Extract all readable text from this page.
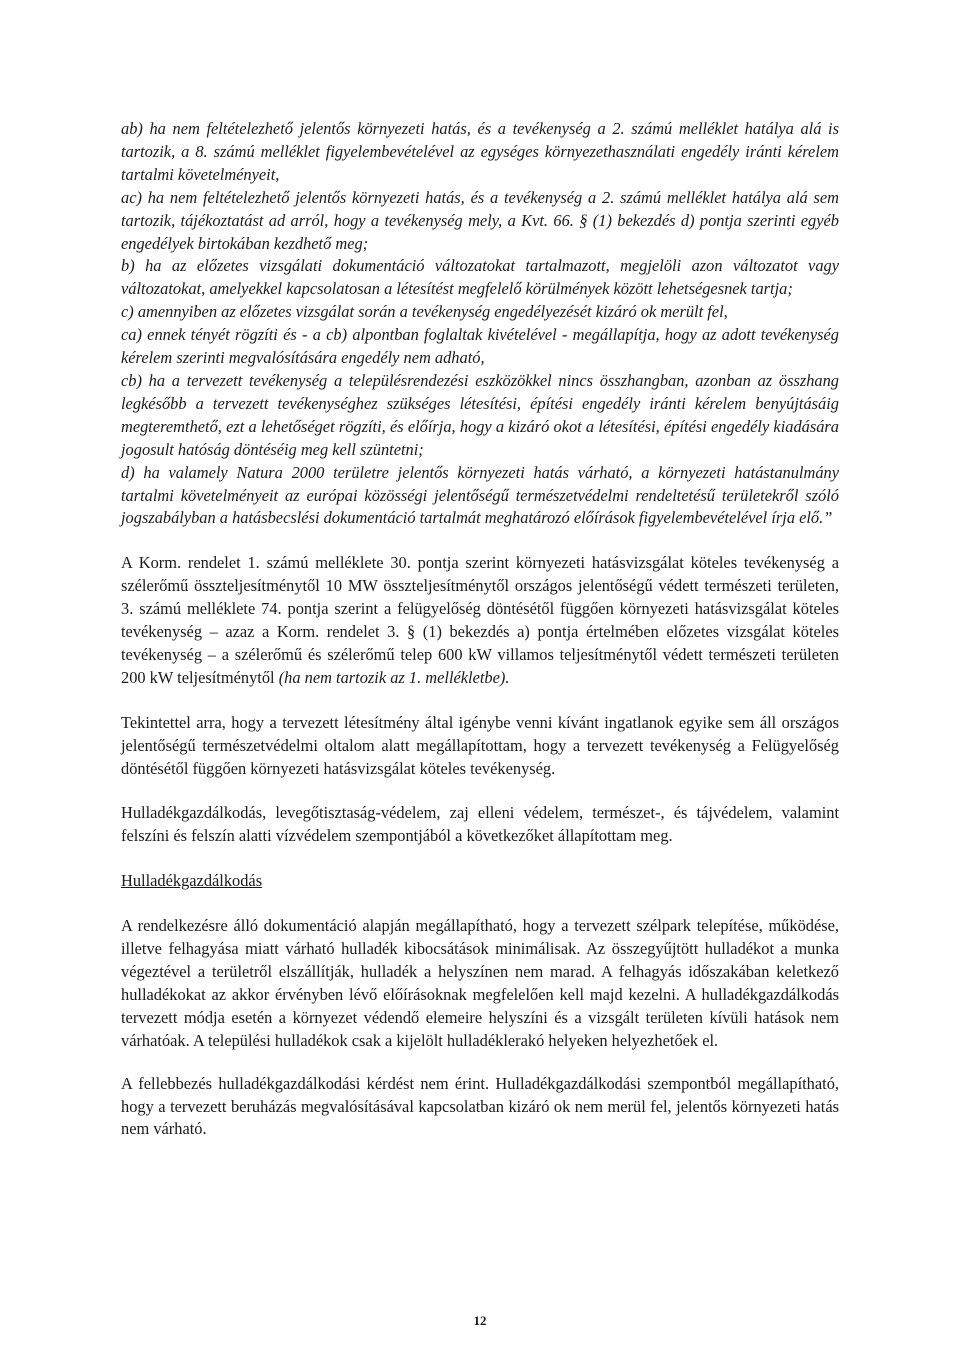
ab) ha nem feltételezhető jelentős környezeti hatás, és a tevékenység a 2. számú melléklet hatálya alá is tartozik, a 8. számú melléklet figyelembevételével az egységes környezethasználati engedély iránti kérelem tartalmi követelményeit,

ac) ha nem feltételezhető jelentős környezeti hatás, és a tevékenység a 2. számú melléklet hatálya alá sem tartozik, tájékoztatást ad arról, hogy a tevékenység mely, a Kvt. 66. § (1) bekezdés d) pontja szerinti egyéb engedélyek birtokában kezdhető meg;

b) ha az előzetes vizsgálati dokumentáció változatokat tartalmazott, megjelöli azon változatot vagy változatokat, amelyekkel kapcsolatosan a létesítést megfelelő körülmények között lehetségesnek tartja;

c) amennyiben az előzetes vizsgálat során a tevékenység engedélyezését kizáró ok merült fel,

ca) ennek tényét rögzíti és - a cb) alpontban foglaltak kivételével - megállapítja, hogy az adott tevékenység kérelem szerinti megvalósítására engedély nem adható,

cb) ha a tervezett tevékenység a településrendezési eszközökkel nincs összhangban, azonban az összhang legkésőbb a tervezett tevékenységhez szükséges létesítési, építési engedély iránti kérelem benyújtásáig megteremthető, ezt a lehetőséget rögzíti, és előírja, hogy a kizáró okot a létesítési, építési engedély kiadására jogosult hatóság döntéséig meg kell szüntetni;

d) ha valamely Natura 2000 területre jelentős környezeti hatás várható, a környezeti hatástanulmány tartalmi követelményeit az európai közösségi jelentőségű természetvédelmi rendeltetésű területekről szóló jogszabályban a hatásbecslési dokumentáció tartalmát meghatározó előírások figyelembevételével írja elő.”

A Korm. rendelet 1. számú melléklete 30. pontja szerint környezeti hatásvizsgálat köteles tevékenység a szélerőmű összteljesítménytől 10 MW összteljesítménytől országos jelentőségű védett természeti területen, 3. számú melléklete 74. pontja szerint a felügyelőség döntésétől függően környezeti hatásvizsgálat köteles tevékenység – azaz a Korm. rendelet 3. § (1) bekezdés a) pontja értelmében előzetes vizsgálat köteles tevékenység – a szélerőmű és szélerőmű telep 600 kW villamos teljesítménytől védett természeti területen 200 kW teljesítménytől (ha nem tartozik az 1. mellékletbe).

Tekintettel arra, hogy a tervezett létesítmény által igénybe venni kívánt ingatlanok egyike sem áll országos jelentőségű természetvédelmi oltalom alatt megállapítottam, hogy a tervezett tevékenység a Felügyelőség döntésétől függően környezeti hatásvizsgálat köteles tevékenység.

Hulladékgazdálkodás, levegőtisztaság-védelem, zaj elleni védelem, természet-, és tájvédelem, valamint felszíni és felszín alatti vízvédelem szempontjából a következőket állapítottam meg.

Hulladékgazdálkodás

A rendelkezésre álló dokumentáció alapján megállapítható, hogy a tervezett szélpark telepítése, működése, illetve felhagyása miatt várható hulladék kibocsátások minimálisak. Az összegyűjtött hulladékot a munka végeztével a területről elszállítják, hulladék a helyszínen nem marad. A felhagyás időszakában keletkező hulladékokat az akkor érvényben lévő előírásoknak megfelelően kell majd kezelni. A hulladékgazdálkodás tervezett módja esetén a környezet védendő elemeire helyszíni és a vizsgált területen kívüli hatások nem várhatóak. A települési hulladékok csak a kijelölt hulladéklerakó helyeken helyezhetőek el.

A fellebbezés hulladékgazdálkodási kérdést nem érint. Hulladékgazdálkodási szempontból megállapítható, hogy a tervezett beruházás megvalósításával kapcsolatban kizáró ok nem merül fel, jelentős környezeti hatás nem várható.

12
